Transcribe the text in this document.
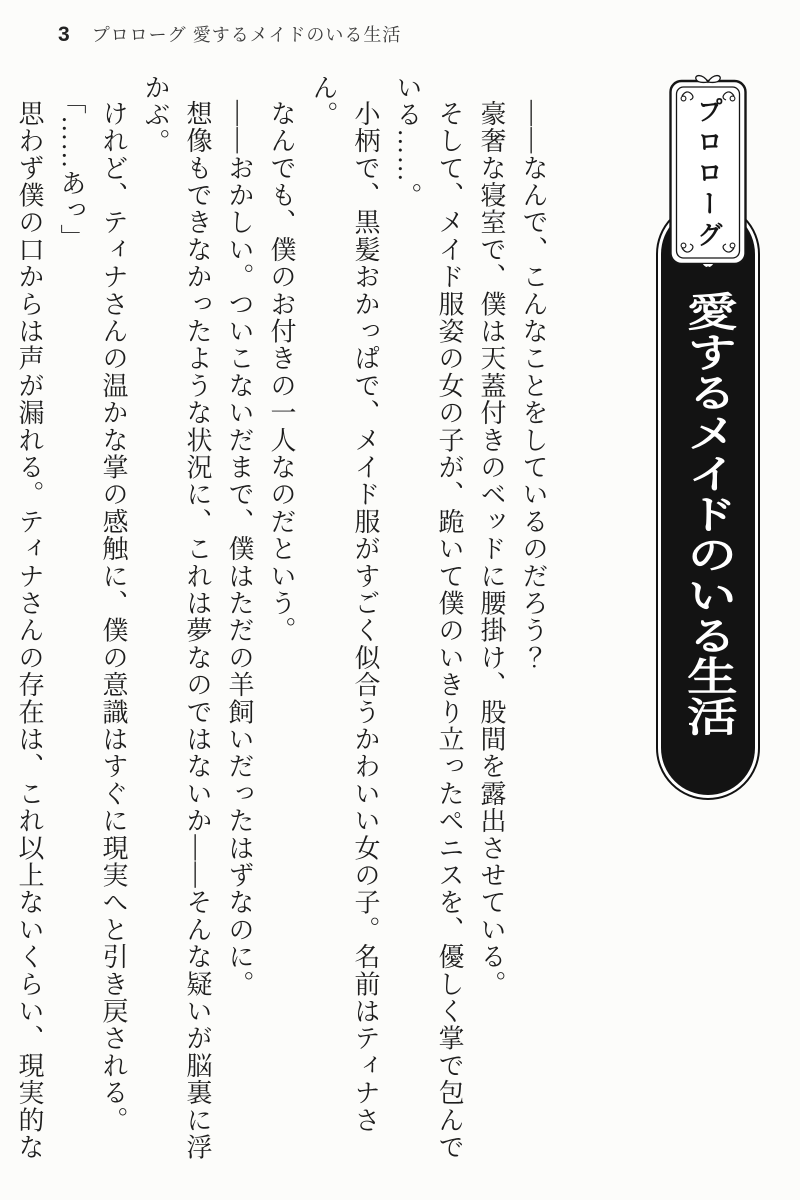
3 プロローグ 愛するメイドのいる生活
愛するメイドのいる生活
プロローグ

――なんで、こんなことをしているのだろう？

豪奢な寝室で、僕は天蓋付きのベッドに腰掛け、股間を露出させている。

そして、メイド服姿の女の子が、跪いて僕のいきり立ったペニスを、優しく掌で包んでいる……。

小柄で、黒髪おかっぱで、メイド服がすごく似合うかわいい女の子。名前はティナさん。

なんでも、僕のお付きの一人なのだという。

――おかしい。ついこないだまで、僕はただの羊飼いだったはずなのに。

想像もできなかったような状況に、これは夢なのではないか――そんな疑いが脳裏に浮かぶ。

けれど、ティナさんの温かな掌の感触に、僕の意識はすぐに現実へと引き戻される。

「……あっ」

思わず僕の口からは声が漏れる。ティナさんの存在は、これ以上ないくらい、現実的な
